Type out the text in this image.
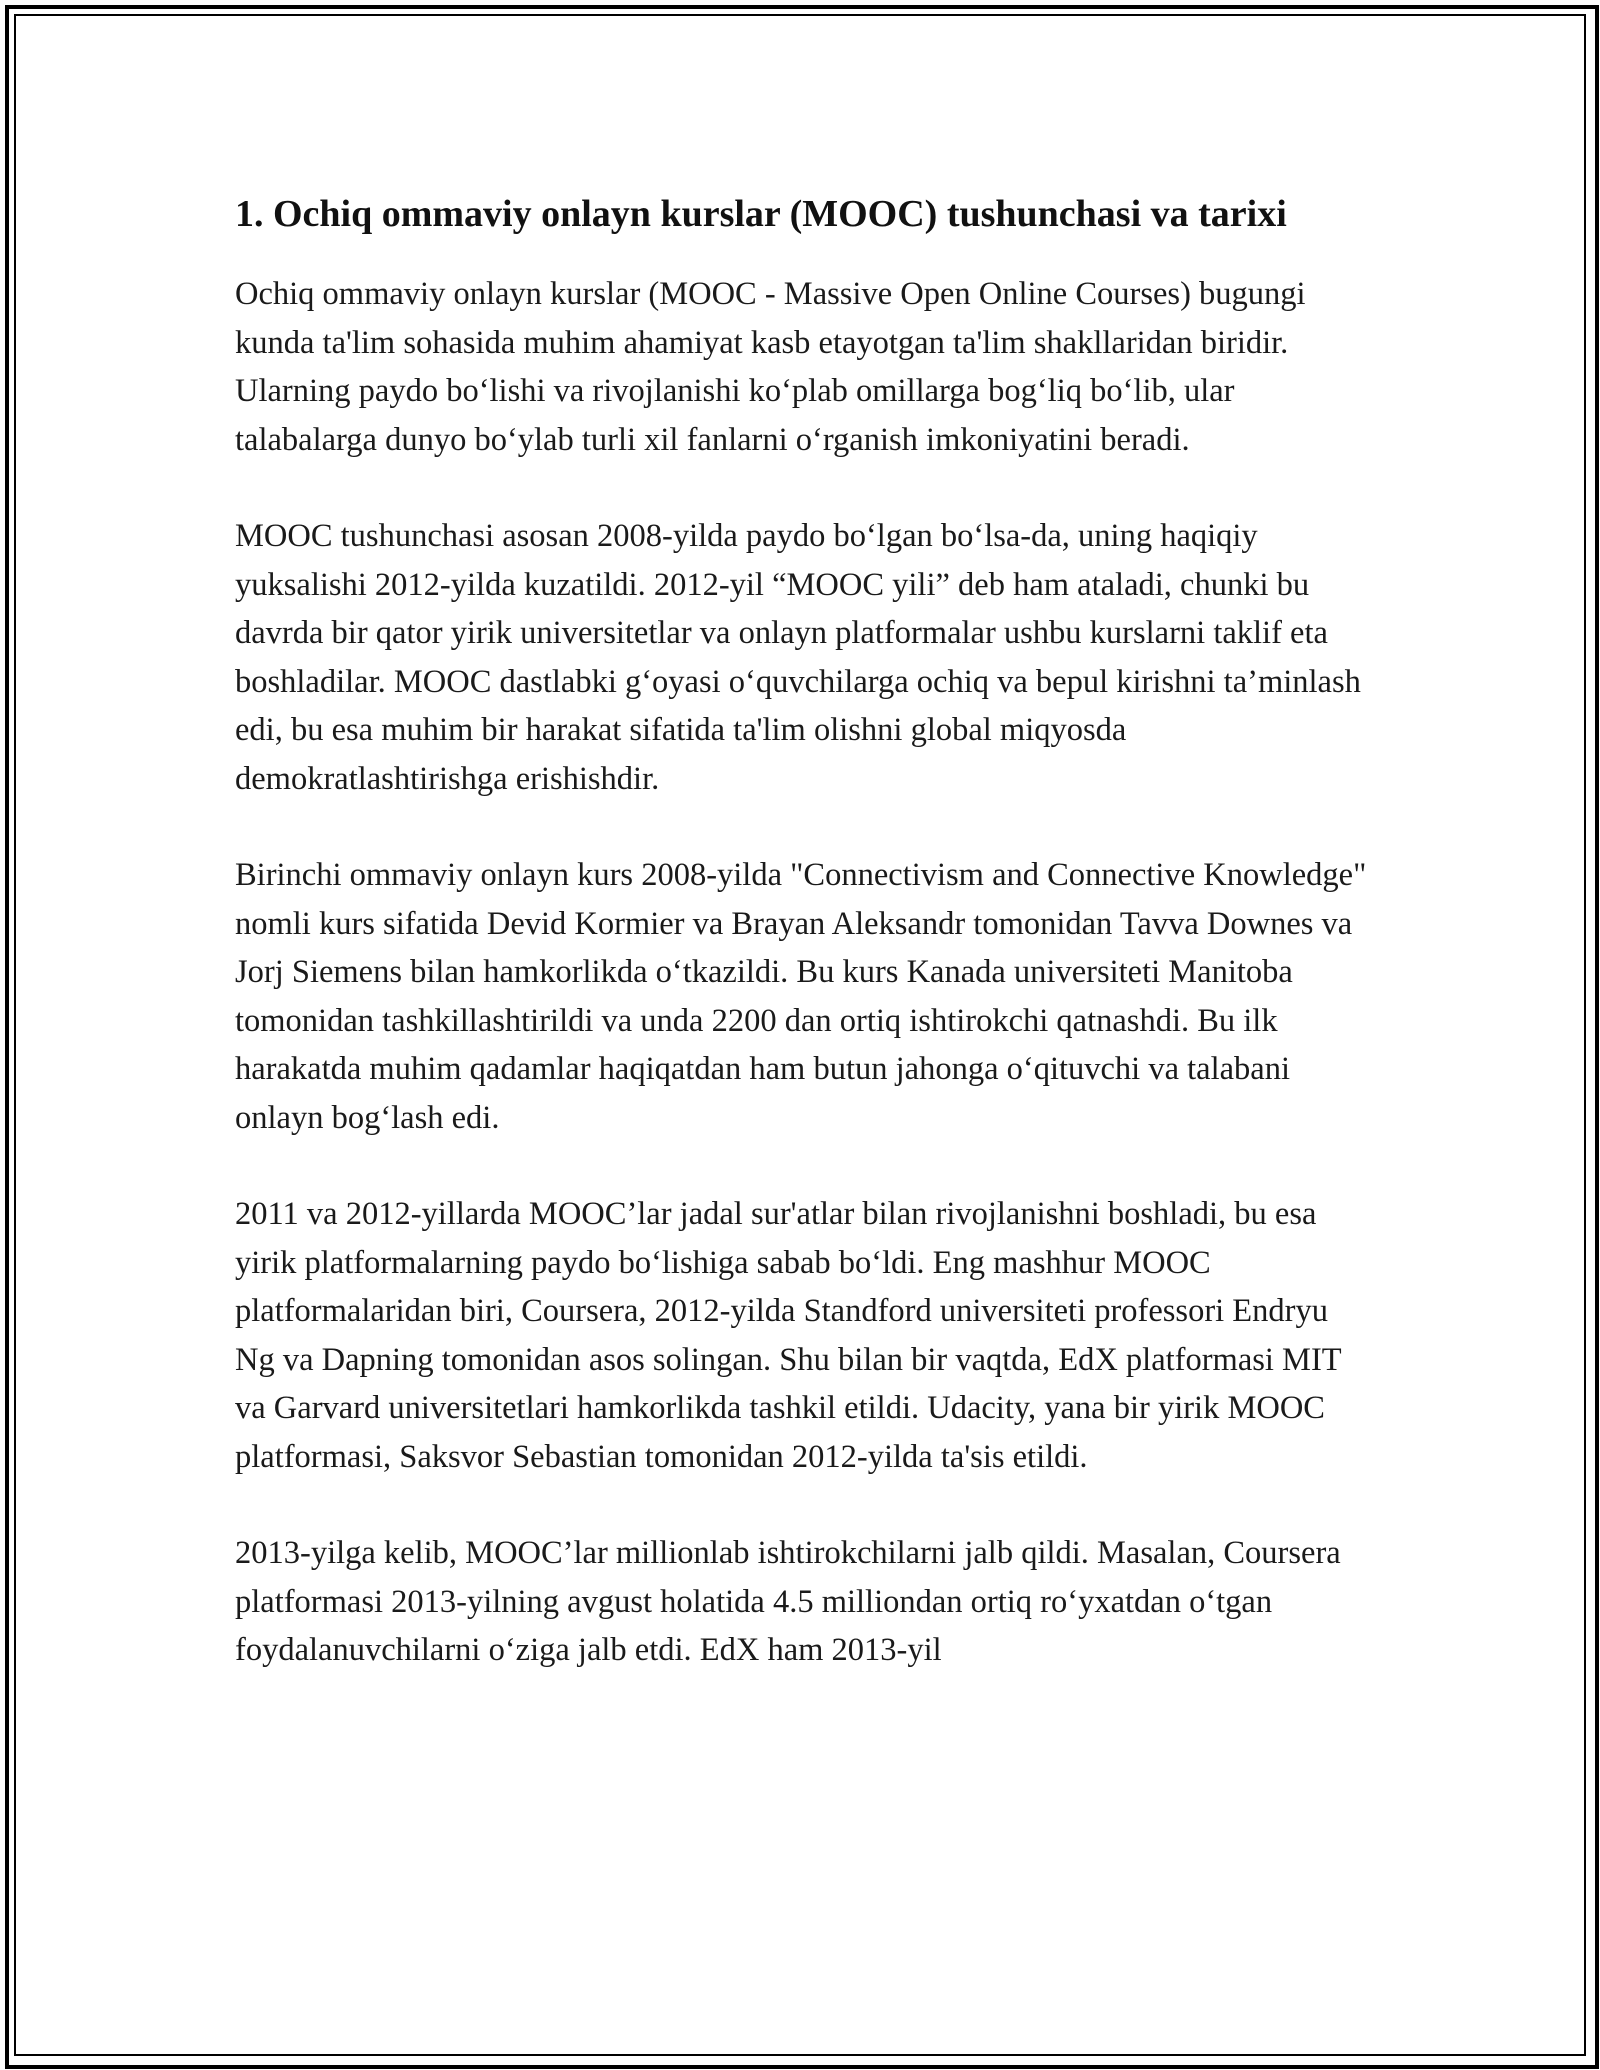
1. Ochiq ommaviy onlayn kurslar (MOOC) tushunchasi va tarixi

Ochiq ommaviy onlayn kurslar (MOOC - Massive Open Online Courses) bugungi kunda ta'lim sohasida muhim ahamiyat kasb etayotgan ta'lim shakllaridan biridir. Ularning paydo bo‘lishi va rivojlanishi ko‘plab omillarga bog‘liq bo‘lib, ular talabalarga dunyo bo‘ylab turli xil fanlarni o‘rganish imkoniyatini beradi.

MOOC tushunchasi asosan 2008-yilda paydo bo‘lgan bo‘lsa-da, uning haqiqiy yuksalishi 2012-yilda kuzatildi. 2012-yil “MOOC yili” deb ham ataladi, chunki bu davrda bir qator yirik universitetlar va onlayn platformalar ushbu kurslarni taklif eta boshladilar. MOOC dastlabki g‘oyasi o‘quvchilarga ochiq va bepul kirishni ta’minlash edi, bu esa muhim bir harakat sifatida ta'lim olishni global miqyosda demokratlashtirishga erishishdir.

Birinchi ommaviy onlayn kurs 2008-yilda "Connectivism and Connective Knowledge" nomli kurs sifatida Devid Kormier va Brayan Aleksandr tomonidan Tavva Downes va Jorj Siemens bilan hamkorlikda o‘tkazildi. Bu kurs Kanada universiteti Manitoba tomonidan tashkillashtirildi va unda 2200 dan ortiq ishtirokchi qatnashdi. Bu ilk harakatda muhim qadamlar haqiqatdan ham butun jahonga o‘qituvchi va talabani onlayn bog‘lash edi.

2011 va 2012-yillarda MOOC’lar jadal sur'atlar bilan rivojlanishni boshladi, bu esa yirik platformalarning paydo bo‘lishiga sabab bo‘ldi. Eng mashhur MOOC platformalaridan biri, Coursera, 2012-yilda Standford universiteti professori Endryu Ng va Dapning tomonidan asos solingan. Shu bilan bir vaqtda, EdX platformasi MIT va Garvard universitetlari hamkorlikda tashkil etildi. Udacity, yana bir yirik MOOC platformasi, Saksvor Sebastian tomonidan 2012-yilda ta'sis etildi.

2013-yilga kelib, MOOC’lar millionlab ishtirokchilarni jalb qildi. Masalan, Coursera platformasi 2013-yilning avgust holatida 4.5 milliondan ortiq ro‘yxatdan o‘tgan foydalanuvchilarni o‘ziga jalb etdi. EdX ham 2013-yil
